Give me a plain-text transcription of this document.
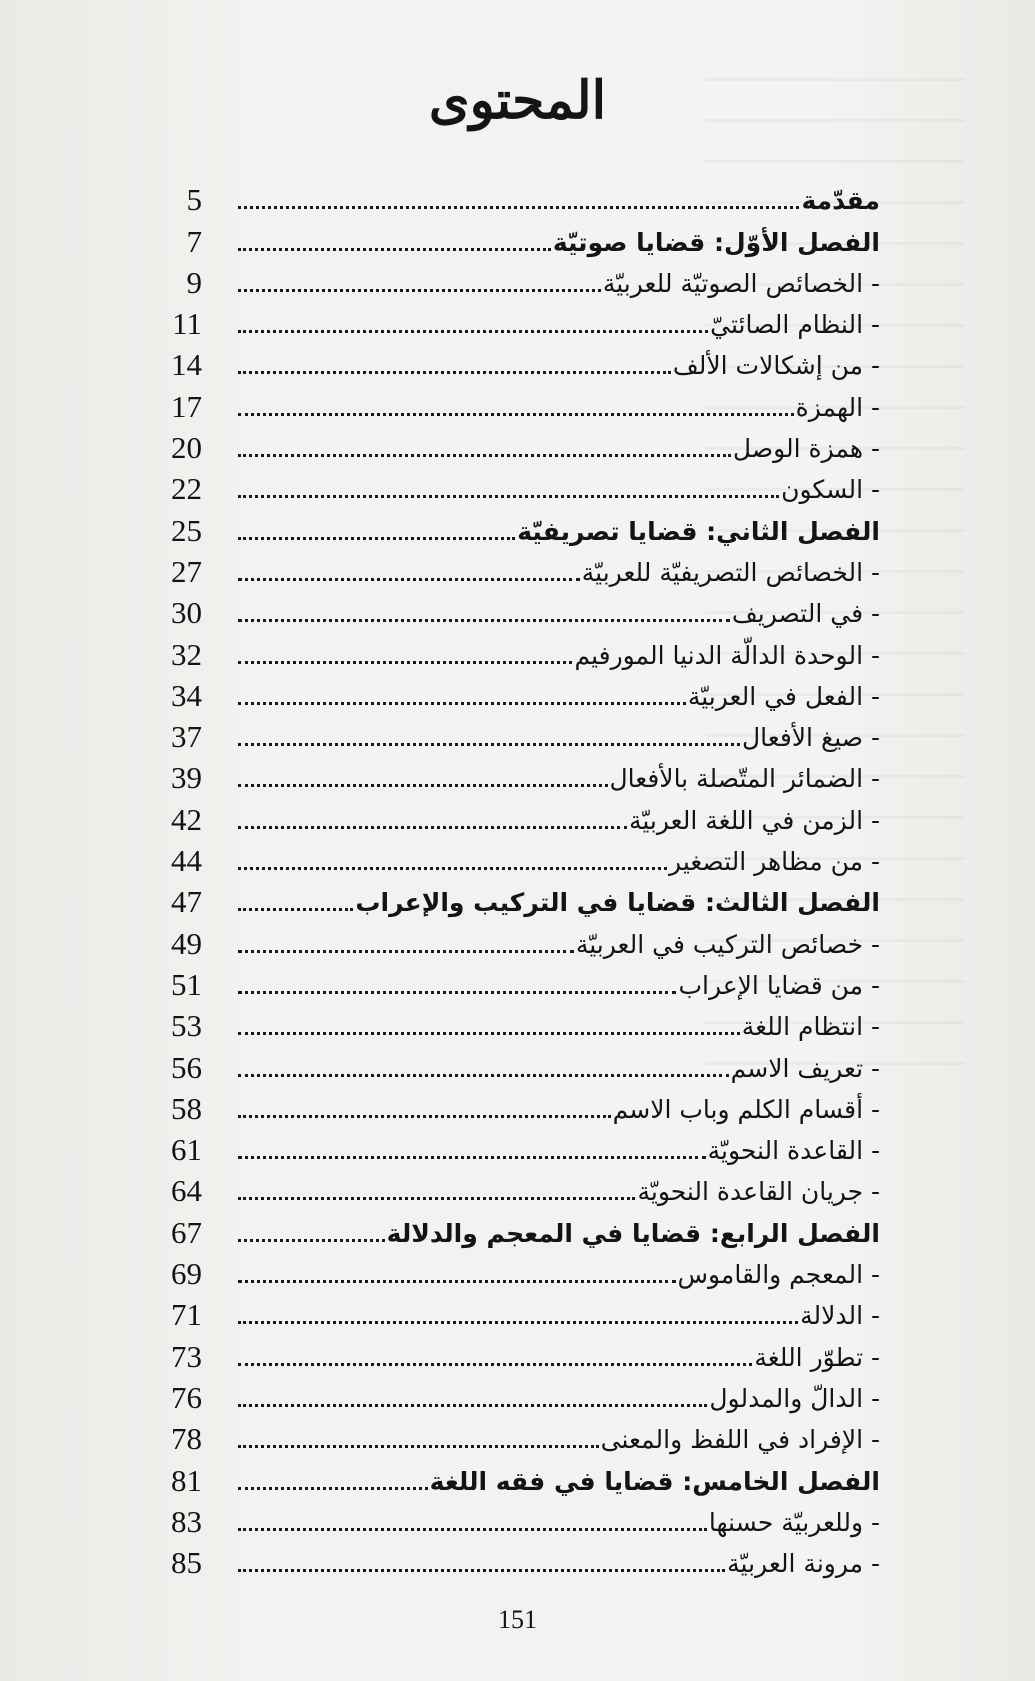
المحتوى
5	مقدّمة
7	الفصل الأوّل: قضايا صوتيّة
9	- الخصائص الصوتيّة للعربيّة
11	- النظام الصائتيّ
14	- من إشكالات الألف
17	- الهمزة
20	- همزة الوصل
22	- السكون
25	الفصل الثاني: قضايا تصريفيّة
27	- الخصائص التصريفيّة للعربيّة
30	- في التصريف
32	- الوحدة الدالّة الدنيا المورفيم
34	- الفعل في العربيّة
37	- صيغ الأفعال
39	- الضمائر المتّصلة بالأفعال
42	- الزمن في اللغة العربيّة
44	- من مظاهر التصغير
47	الفصل الثالث: قضايا في التركيب والإعراب
49	- خصائص التركيب في العربيّة
51	- من قضايا الإعراب
53	- انتظام اللغة
56	- تعريف الاسم
58	- أقسام الكلم وباب الاسم
61	- القاعدة النحويّة
64	- جريان القاعدة النحويّة
67	الفصل الرابع: قضايا في المعجم والدلالة
69	- المعجم والقاموس
71	- الدلالة
73	- تطوّر اللغة
76	- الدالّ والمدلول
78	- الإفراد في اللفظ والمعنى
81	الفصل الخامس: قضايا في فقه اللغة
83	- وللعربيّة حسنها
85	- مرونة العربيّة
151
